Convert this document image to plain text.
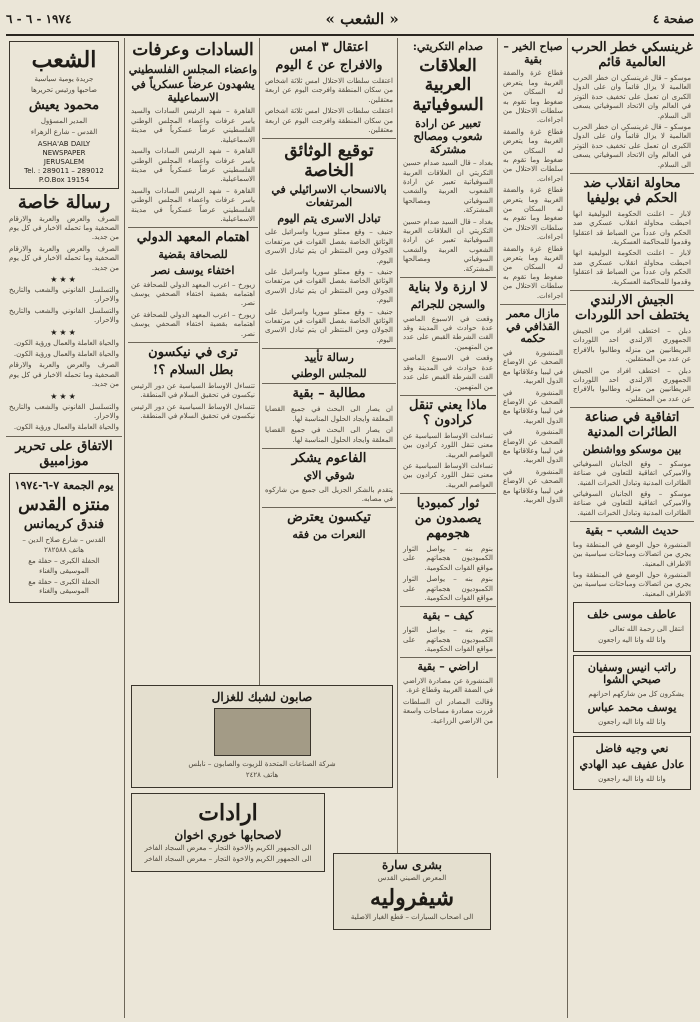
صفحة ٤
« الشعب »
١٩٧٤ - ٦ - ٦
غرينسكي خطر الحرب العالمية قائم
موسكو – قال غرينسكي ان خطر الحرب العالمية لا يزال قائماً وان على الدول الكبرى ان تعمل على تخفيف حدة التوتر في العالم وان الاتحاد السوفياتي يسعى الى السلام.
موسكو – قال غرينسكي ان خطر الحرب العالمية لا يزال قائماً وان على الدول الكبرى ان تعمل على تخفيف حدة التوتر في العالم وان الاتحاد السوفياتي يسعى الى السلام.
محاولة انقلاب ضد الحكم في بوليفيا
لاباز – اعلنت الحكومة البوليفية انها احبطت محاولة انقلاب عسكري ضد الحكم وان عدداً من الضباط قد اعتقلوا وقدموا للمحاكمة العسكرية.
لاباز – اعلنت الحكومة البوليفية انها احبطت محاولة انقلاب عسكري ضد الحكم وان عدداً من الضباط قد اعتقلوا وقدموا للمحاكمة العسكرية.
الجيش الارلندي يختطف احد اللوردات
دبلن – اختطف افراد من الجيش الجمهوري الارلندي احد اللوردات البريطانيين من منزله وطالبوا بالافراج عن عدد من المعتقلين.
دبلن – اختطف افراد من الجيش الجمهوري الارلندي احد اللوردات البريطانيين من منزله وطالبوا بالافراج عن عدد من المعتقلين.
اتفاقية في صناعة الطائرات المدنية
بين موسكو وواشنطن
موسكو – وقع الجانبان السوفياتي والاميركي اتفاقية للتعاون في صناعة الطائرات المدنية وتبادل الخبرات الفنية.
موسكو – وقع الجانبان السوفياتي والاميركي اتفاقية للتعاون في صناعة الطائرات المدنية وتبادل الخبرات الفنية.
حديث الشعب – بقية
المنشورة حول الوضع في المنطقة وما يجري من اتصالات ومباحثات سياسية بين الاطراف المعنية.
المنشورة حول الوضع في المنطقة وما يجري من اتصالات ومباحثات سياسية بين الاطراف المعنية.
عاطف موسى خلف
انتقل الى رحمة الله تعالى
وانا لله وانا اليه راجعون
راتب انيس وسفيان صبحي الشوا
يشكرون كل من شاركهم احزانهم
يوسف محمد عباس
وانا لله وانا اليه راجعون
نعي وجيه فاضل
عادل عفيف عبد الهادي
وانا لله وانا اليه راجعون
صباح الخير – بقية
قطاع غزة والضفة الغربية وما يتعرض له السكان من ضغوط وما تقوم به سلطات الاحتلال من اجراءات.
قطاع غزة والضفة الغربية وما يتعرض له السكان من ضغوط وما تقوم به سلطات الاحتلال من اجراءات.
قطاع غزة والضفة الغربية وما يتعرض له السكان من ضغوط وما تقوم به سلطات الاحتلال من اجراءات.
قطاع غزة والضفة الغربية وما يتعرض له السكان من ضغوط وما تقوم به سلطات الاحتلال من اجراءات.
مازال معمر القذافي في حكمه
المنشورة في الصحف عن الاوضاع في ليبيا وعلاقاتها مع الدول العربية.
المنشورة في الصحف عن الاوضاع في ليبيا وعلاقاتها مع الدول العربية.
المنشورة في الصحف عن الاوضاع في ليبيا وعلاقاتها مع الدول العربية.
المنشورة في الصحف عن الاوضاع في ليبيا وعلاقاتها مع الدول العربية.
صدام التكريتي:
العلاقات العربية السوفياتية
تعبير عن ارادة شعوب ومصالح مشتركة
بغداد – قال السيد صدام حسين التكريتي ان العلاقات العربية السوفياتية تعبير عن ارادة الشعوب العربية والشعب السوفياتي ومصالحها المشتركة.
بغداد – قال السيد صدام حسين التكريتي ان العلاقات العربية السوفياتية تعبير عن ارادة الشعوب العربية والشعب السوفياتي ومصالحها المشتركة.
لا ارزة ولا بناية
والسجن للجرائم
وقعت في الاسبوع الماضي عدة حوادث في المدينة وقد القت الشرطة القبض على عدد من المتهمين.
وقعت في الاسبوع الماضي عدة حوادث في المدينة وقد القت الشرطة القبض على عدد من المتهمين.
ماذا يعني تنقل كرادون ؟
تساءلت الاوساط السياسية عن معنى تنقل اللورد كرادون بين العواصم العربية.
تساءلت الاوساط السياسية عن معنى تنقل اللورد كرادون بين العواصم العربية.
ثوار كمبوديا يصمدون من هجومهم
بنوم بنه – يواصل الثوار الكمبوديون هجماتهم على مواقع القوات الحكومية.
بنوم بنه – يواصل الثوار الكمبوديون هجماتهم على مواقع القوات الحكومية.
كيف – بقية
بنوم بنه – يواصل الثوار الكمبوديون هجماتهم على مواقع القوات الحكومية.
اراضي – بقية
المنشورة عن مصادرة الاراضي في الضفة الغربية وقطاع غزة.
وقالت المصادر ان السلطات قررت مصادرة مساحات واسعة من الاراضي الزراعية.
اعتقال ٣ امس
والافراج عن ٤ اليوم
اعتقلت سلطات الاحتلال امس ثلاثة اشخاص من سكان المنطقة وافرجت اليوم عن اربعة معتقلين.
اعتقلت سلطات الاحتلال امس ثلاثة اشخاص من سكان المنطقة وافرجت اليوم عن اربعة معتقلين.
توقيع الوثائق الخاصة
بالانسحاب الاسرائيلي في المرتفعات
تبادل الاسرى يتم اليوم
جنيف – وقع ممثلو سوريا واسرائيل على الوثائق الخاصة بفصل القوات في مرتفعات الجولان ومن المنتظر ان يتم تبادل الاسرى اليوم.
جنيف – وقع ممثلو سوريا واسرائيل على الوثائق الخاصة بفصل القوات في مرتفعات الجولان ومن المنتظر ان يتم تبادل الاسرى اليوم.
جنيف – وقع ممثلو سوريا واسرائيل على الوثائق الخاصة بفصل القوات في مرتفعات الجولان ومن المنتظر ان يتم تبادل الاسرى اليوم.
رسالة تأييد
للمجلس الوطني
مطالبة – بقية
ان يصار الى البحث في جميع القضايا المعلقة وايجاد الحلول المناسبة لها.
ان يصار الى البحث في جميع القضايا المعلقة وايجاد الحلول المناسبة لها.
الفاعوم يشكر
شوقي الاي
يتقدم بالشكر الجزيل الى جميع من شاركوه في مصابه.
تيكسون يعترض
النعرات من فقه
السادات وعرفات
واعضاء المجلس الفلسطيني
يشهدون عرضاً عسكرياً في الاسماعيلية
القاهرة – شهد الرئيس السادات والسيد ياسر عرفات واعضاء المجلس الوطني الفلسطيني عرضاً عسكرياً في مدينة الاسماعيلية.
القاهرة – شهد الرئيس السادات والسيد ياسر عرفات واعضاء المجلس الوطني الفلسطيني عرضاً عسكرياً في مدينة الاسماعيلية.
القاهرة – شهد الرئيس السادات والسيد ياسر عرفات واعضاء المجلس الوطني الفلسطيني عرضاً عسكرياً في مدينة الاسماعيلية.
اهتمام المعهد الدولي
للصحافة بقضية
اختفاء يوسف نصر
زيورخ – اعرب المعهد الدولي للصحافة عن اهتمامه بقضية اختفاء الصحفي يوسف نصر.
زيورخ – اعرب المعهد الدولي للصحافة عن اهتمامه بقضية اختفاء الصحفي يوسف نصر.
ترى في نيكسون
بطل السلام ؟!
تتساءل الاوساط السياسية عن دور الرئيس نيكسون في تحقيق السلام في المنطقة.
تتساءل الاوساط السياسية عن دور الرئيس نيكسون في تحقيق السلام في المنطقة.
صابون لشبك للغزال
شركة الصناعات المتحدة للزيوت والصابون – نابلس
هاتف ٢٤٢٨
ارادات
لاصحابها خوري اخوان
الى الجمهور الكريم والاخوة التجار – معرض السجاد الفاخر
الى الجمهور الكريم والاخوة التجار – معرض السجاد الفاخر	بشرى سارة
المعرض الصيني القدس
شيفروليه
الى اصحاب السيارات – قطع الغيار الاصلية
الشعب
جريدة يومية سياسية
صاحبها ورئيس تحريرها
محمود يعيش
المدير المسؤول
القدس – شارع الزهراء
ASHA'AB DAILY
NEWSPAPER
JERUSALEM
Tel. : 289011 – 289012
P.O.Box 19154
رسالة خاصة
الصرف والعرض والعربة والارقام الصحفية وما تحمله الاخبار في كل يوم من جديد.
الصرف والعرض والعربة والارقام الصحفية وما تحمله الاخبار في كل يوم من جديد.
★★★
والتسلسل القانوني والشعب والتاريخ والاحرار.
والتسلسل القانوني والشعب والتاريخ والاحرار.
★★★
والحياة العاملة والعمال ورؤية الكون.
والحياة العاملة والعمال ورؤية الكون.
الصرف والعرض والعربة والارقام الصحفية وما تحمله الاخبار في كل يوم من جديد.
★★★
والتسلسل القانوني والشعب والتاريخ والاحرار.
والحياة العاملة والعمال ورؤية الكون.
الاتفاق على تحرير موزامبيق
يوم الجمعة ٧-٦-١٩٧٤
منتزه القدس
فندق كريمانس
القدس – شارع صلاح الدين – هاتف ٢٨٢٥٨٨
الحفلة الكبرى – حفلة مع الموسيقى والغناء
الحفلة الكبرى – حفلة مع الموسيقى والغناء
